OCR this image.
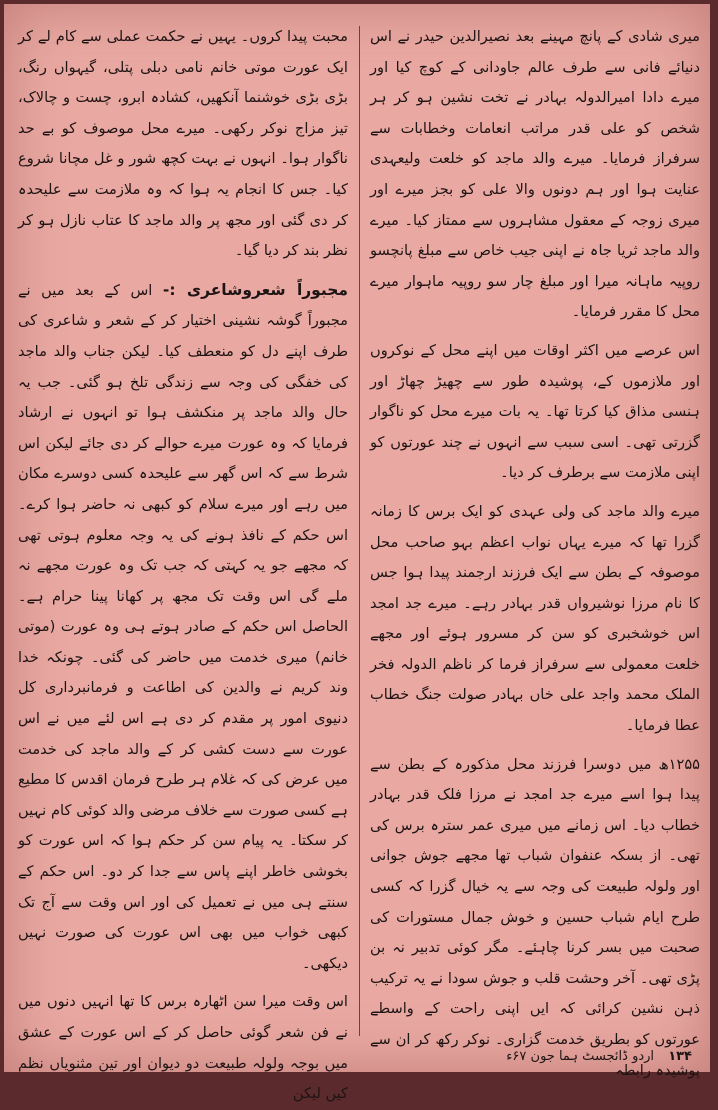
میری شادی کے پانچ مہینے بعد نصیرالدین حیدر نے اس دنیائے فانی سے طرف عالم جاودانی کے کوچ کیا اور میرے دادا امیرالدولہ بہادر نے تخت نشین ہو کر ہر شخص کو علی قدر مراتب انعامات وخطابات سے سرفراز فرمایا۔ میرے والد ماجد کو خلعت ولیعہدی عنایت ہوا اور ہم دونوں والا علی کو بجز میرے اور میری زوجہ کے معقول مشاہروں سے ممتاز کیا۔ میرے والد ماجد ثریا جاہ نے اپنی جیب خاص سے مبلغ پانچسو روپیہ ماہانہ میرا اور مبلغ چار سو روپیہ ماہوار میرے محل کا مقرر فرمایا۔

اس عرصے میں اکثر اوقات میں اپنے محل کے نوکروں اور ملازموں کے، پوشیدہ طور سے چھیڑ چھاڑ اور ہنسی مذاق کیا کرتا تھا۔ یہ بات میرے محل کو ناگوار گزرتی تھی۔ اسی سبب سے انہوں نے چند عورتوں کو اپنی ملازمت سے برطرف کر دیا۔

میرے والد ماجد کی ولی عہدی کو ایک برس کا زمانہ گزرا تھا کہ میرے یہاں نواب اعظم بہو صاحب محل موصوفہ کے بطن سے ایک فرزند ارجمند پیدا ہوا جس کا نام مرزا نوشیرواں قدر بہادر رہے۔ میرے جد امجد اس خوشخبری کو سن کر مسرور ہوئے اور مجھے خلعت معمولی سے سرفراز فرما کر ناظم الدولہ فخر الملک محمد واجد علی خاں بہادر صولت جنگ خطاب عطا فرمایا۔

۱۲۵۵ھ میں دوسرا فرزند محل مذکورہ کے بطن سے پیدا ہوا اسے میرے جد امجد نے مرزا فلک قدر بہادر خطاب دیا۔ اس زمانے میں میری عمر سترہ برس کی تھی۔ از بسکہ عنفوان شباب تھا مجھے جوش جوانی اور ولولہ طبیعت کی وجہ سے یہ خیال گزرا کہ کسی طرح ایام شباب حسین و خوش جمال مستورات کی صحبت میں بسر کرنا چاہئے۔ مگر کوئی تدبیر نہ بن پڑی تھی۔ آخر وحشت قلب و جوش سودا نے یہ ترکیب ذہن نشین کرائی کہ ایں اپنی راحت کے واسطے عورتوں کو بطریق خدمت گزاری۔ نوکر رکھ کر ان سے پوشیدہ رابطہ

محبت پیدا کروں۔ یہیں نے حکمت عملی سے کام لے کر ایک عورت موتی خانم نامی دبلی پتلی، گیہواں رنگ، بڑی بڑی خوشنما آنکھیں، کشادہ ابرو، چست و چالاک، تیز مزاج نوکر رکھی۔ میرے محل موصوف کو بے حد ناگوار ہوا۔ انہوں نے بہت کچھ شور و غل مچانا شروع کیا۔ جس کا انجام یہ ہوا کہ وہ ملازمت سے علیحدہ کر دی گئی اور مجھ پر والد ماجد کا عتاب نازل ہو کر نظر بند کر دیا گیا۔

مجبوراً شعروشاعری :- اس کے بعد میں نے مجبوراً گوشہ نشینی اختیار کر کے شعر و شاعری کی طرف اپنے دل کو منعطف کیا۔ لیکن جناب والد ماجد کی خفگی کی وجہ سے زندگی تلخ ہو گئی۔ جب یہ حال والد ماجد پر منکشف ہوا تو انہوں نے ارشاد فرمایا کہ وہ عورت میرے حوالے کر دی جائے لیکن اس شرط سے کہ اس گھر سے علیحدہ کسی دوسرے مکان میں رہے اور میرے سلام کو کبھی نہ حاضر ہوا کرے۔ اس حکم کے نافذ ہونے کی یہ وجہ معلوم ہوتی تھی کہ مجھے جو یہ کہتی کہ جب تک وہ عورت مجھے نہ ملے گی اس وقت تک مجھ پر کھانا پینا حرام ہے۔ الحاصل اس حکم کے صادر ہوتے ہی وہ عورت (موتی خانم) میری خدمت میں حاضر کی گئی۔ چونکہ خدا وند کریم نے والدین کی اطاعت و فرمانبرداری کل دنیوی امور پر مقدم کر دی ہے اس لئے میں نے اس عورت سے دست کشی کر کے والد ماجد کی خدمت میں عرض کی کہ غلام ہر طرح فرمان اقدس کا مطیع ہے کسی صورت سے خلاف مرضی والد کوئی کام نہیں کر سکتا۔ یہ پیام سن کر حکم ہوا کہ اس عورت کو بخوشی خاطر اپنے پاس سے جدا کر دو۔ اس حکم کے سنتے ہی میں نے تعمیل کی اور اس وقت سے آج تک کبھی خواب میں بھی اس عورت کی صورت نہیں دیکھی۔

اس وقت میرا سن اٹھارہ برس کا تھا انہیں دنوں میں نے فن شعر گوئی حاصل کر کے اس عورت کے عشق میں بوجہ ولولہ طبیعت دو دیوان اور تین مثنویاں نظم کیں لیکن

۱۳۴ اردو ڈائجسٹ ہما جون ۶۷ء
